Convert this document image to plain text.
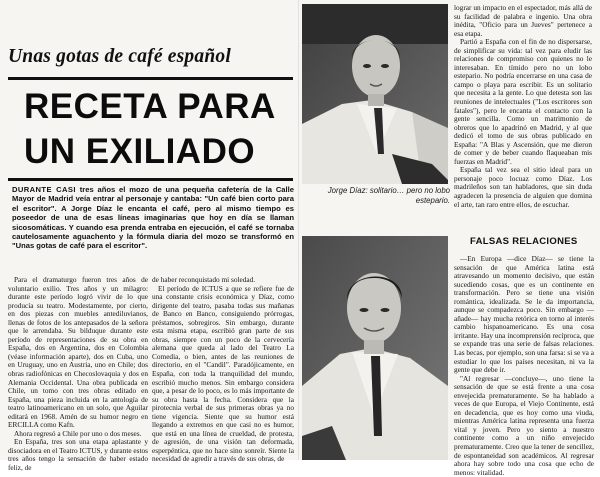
Unas gotas de café español
RECETA PARA
UN EXILIADO
DURANTE CASI tres años el mozo de una pequeña cafetería de la Calle Mayor de Madrid veía entrar al personaje y cantaba: "Un café bien corto para el escritor". A Jorge Díaz le encanta el café, pero al mismo tiempo es poseedor de una de esas líneas imaginarias que hoy en día se llaman sicosomáticas. Y cuando esa prenda entraba en ejecución, el café se tornaba cautelosamente aguachento y la fórmula diaria del mozo se transformó en "Unas gotas de café para el escritor".

Para el dramaturgo fueron tres años de voluntario exilio. Tres años y un milagro: durante este período logró vivir de lo que producía su teatro. Modestamente, por cierto, en dos piezas con muebles antediluvianos, llenas de fotos de los antepasados de la señora que le arrendaba. Su bilduque durante este período de representaciones de su obra en España, dos en Argentina, dos en Colombia (véase información aparte), dos en Cuba, uno en Uruguay, uno en Austria, uno en Chile; dos obras radiofónicas en Checoslovaquia y dos en Alemania Occidental. Una obra publicada en Chile, un tomo con tres obras editado en España, una pieza incluida en la antología de teatro latinoamericano en un solo, que Aguilar editará en 1968. Amén de su humor negro en ERCILLA como Kafn.

Ahora regresó a Chile por uno o dos meses.

En España, tres son una etapa aplastante y disociadora en el Teatro ICTUS, y durante estos tres años tengo la sensación de haber estado feliz, de

de haber reconquistado mi soledad.

El período de ICTUS a que se refiere fue de una constante crisis económica y Díaz, como dirigente del teatro, pasaba todas sus mañanas de Banco en Banco, consiguiendo prórrogas, préstamos, sobregiros. Sin embargo, durante esta misma etapa, escribió gran parte de sus obras, siempre con un poco de la cervecería alemana que queda al lado del Teatro La Comedia, o bien, antes de las reuniones de directorio, en el "Candil". Paradójicamente, en España, con toda la tranquilidad del mundo, escribió mucho menos. Sin embargo considera que, a pesar de lo poco, es lo más importante de su obra hasta la fecha. Considera que la pirotecnia verbal de sus primeras obras ya no tiene vigencia. Siente que su humor está llegando a extremos en que casi no es humor, que está en una línea de crueldad, de protesta, de agresión, de una visión tan deformada, esperpéntica, que no hace sino sonreír. Siente la necesidad de agredir a través de sus obras, de

Jorge Díaz: solitario… pero no lobo estepario.

lograr un impacto en el espectador, más allá de su facilidad de palabra e ingenio. Una obra inédita, "Oficio para un Jueves" pertenece a esa etapa.

Partió a España con el fin de no dispersarse, de simplificar su vida: tal vez para eludir las relaciones de compromiso con quienes no le interesaban. En tímido pero no un lobo estepario. No podría encerrarse en una casa de campo o playa para escribir. Es un solitario que necesita a la gente. Lo que detesta son las reuniones de intelectuales ("Los escritores son fatales"), pero le encanta el contacto con la gente sencilla. Como un matrimonio de obreros que lo apadrinó en Madrid, y al que dedicó el tomo de sus obras publicado en España: "A Blas y Ascensión, que me dieron de comer y de beber cuando flaqueaban mis fuerzas en Madrid".

España tal vez sea el sitio ideal para un personaje poco locuaz como Díaz. Los madrileños son tan habladores, que sin duda agradecen la presencia de alguien que domina el arte, tan raro entre ellos, de escuchar.

FALSAS RELACIONES

—En Europa —dice Díaz— se tiene la sensación de que América latina está atravesando un momento decisivo, que están sucediendo cosas, que es un continente en transformación. Pero se tiene una visión romántica, idealizada. Se le da importancia, aunque se compadezca poco. Sin embargo —añade— hay mucha retórica en torno al interés cambio hispanoamericano. Es una cosa irritante. Hay una incomprensión recíproca, que se expande tras una serie de falsas relaciones. Las becas, por ejemplo, son una farsa: si se va a estudiar lo que los países necesitan, ni va la gente que debe ir.

"Al regresar —concluye—, uno tiene la sensación de que se está frente a una cosa envejecida prematuramente. Se ha hablado a veces de que Europa, el Viejo Continente, está en decadencia, que es hoy como una viuda, mientras América latina representa una fuerza vital y joven. Pero yo siento a nuestro continente como a un niño envejecido prematuramente. Creo que la tener de sencillez, de espontaneidad son académicos. Al regresar ahora hay sobre todo una cosa que echo de menos: vitalidad.
